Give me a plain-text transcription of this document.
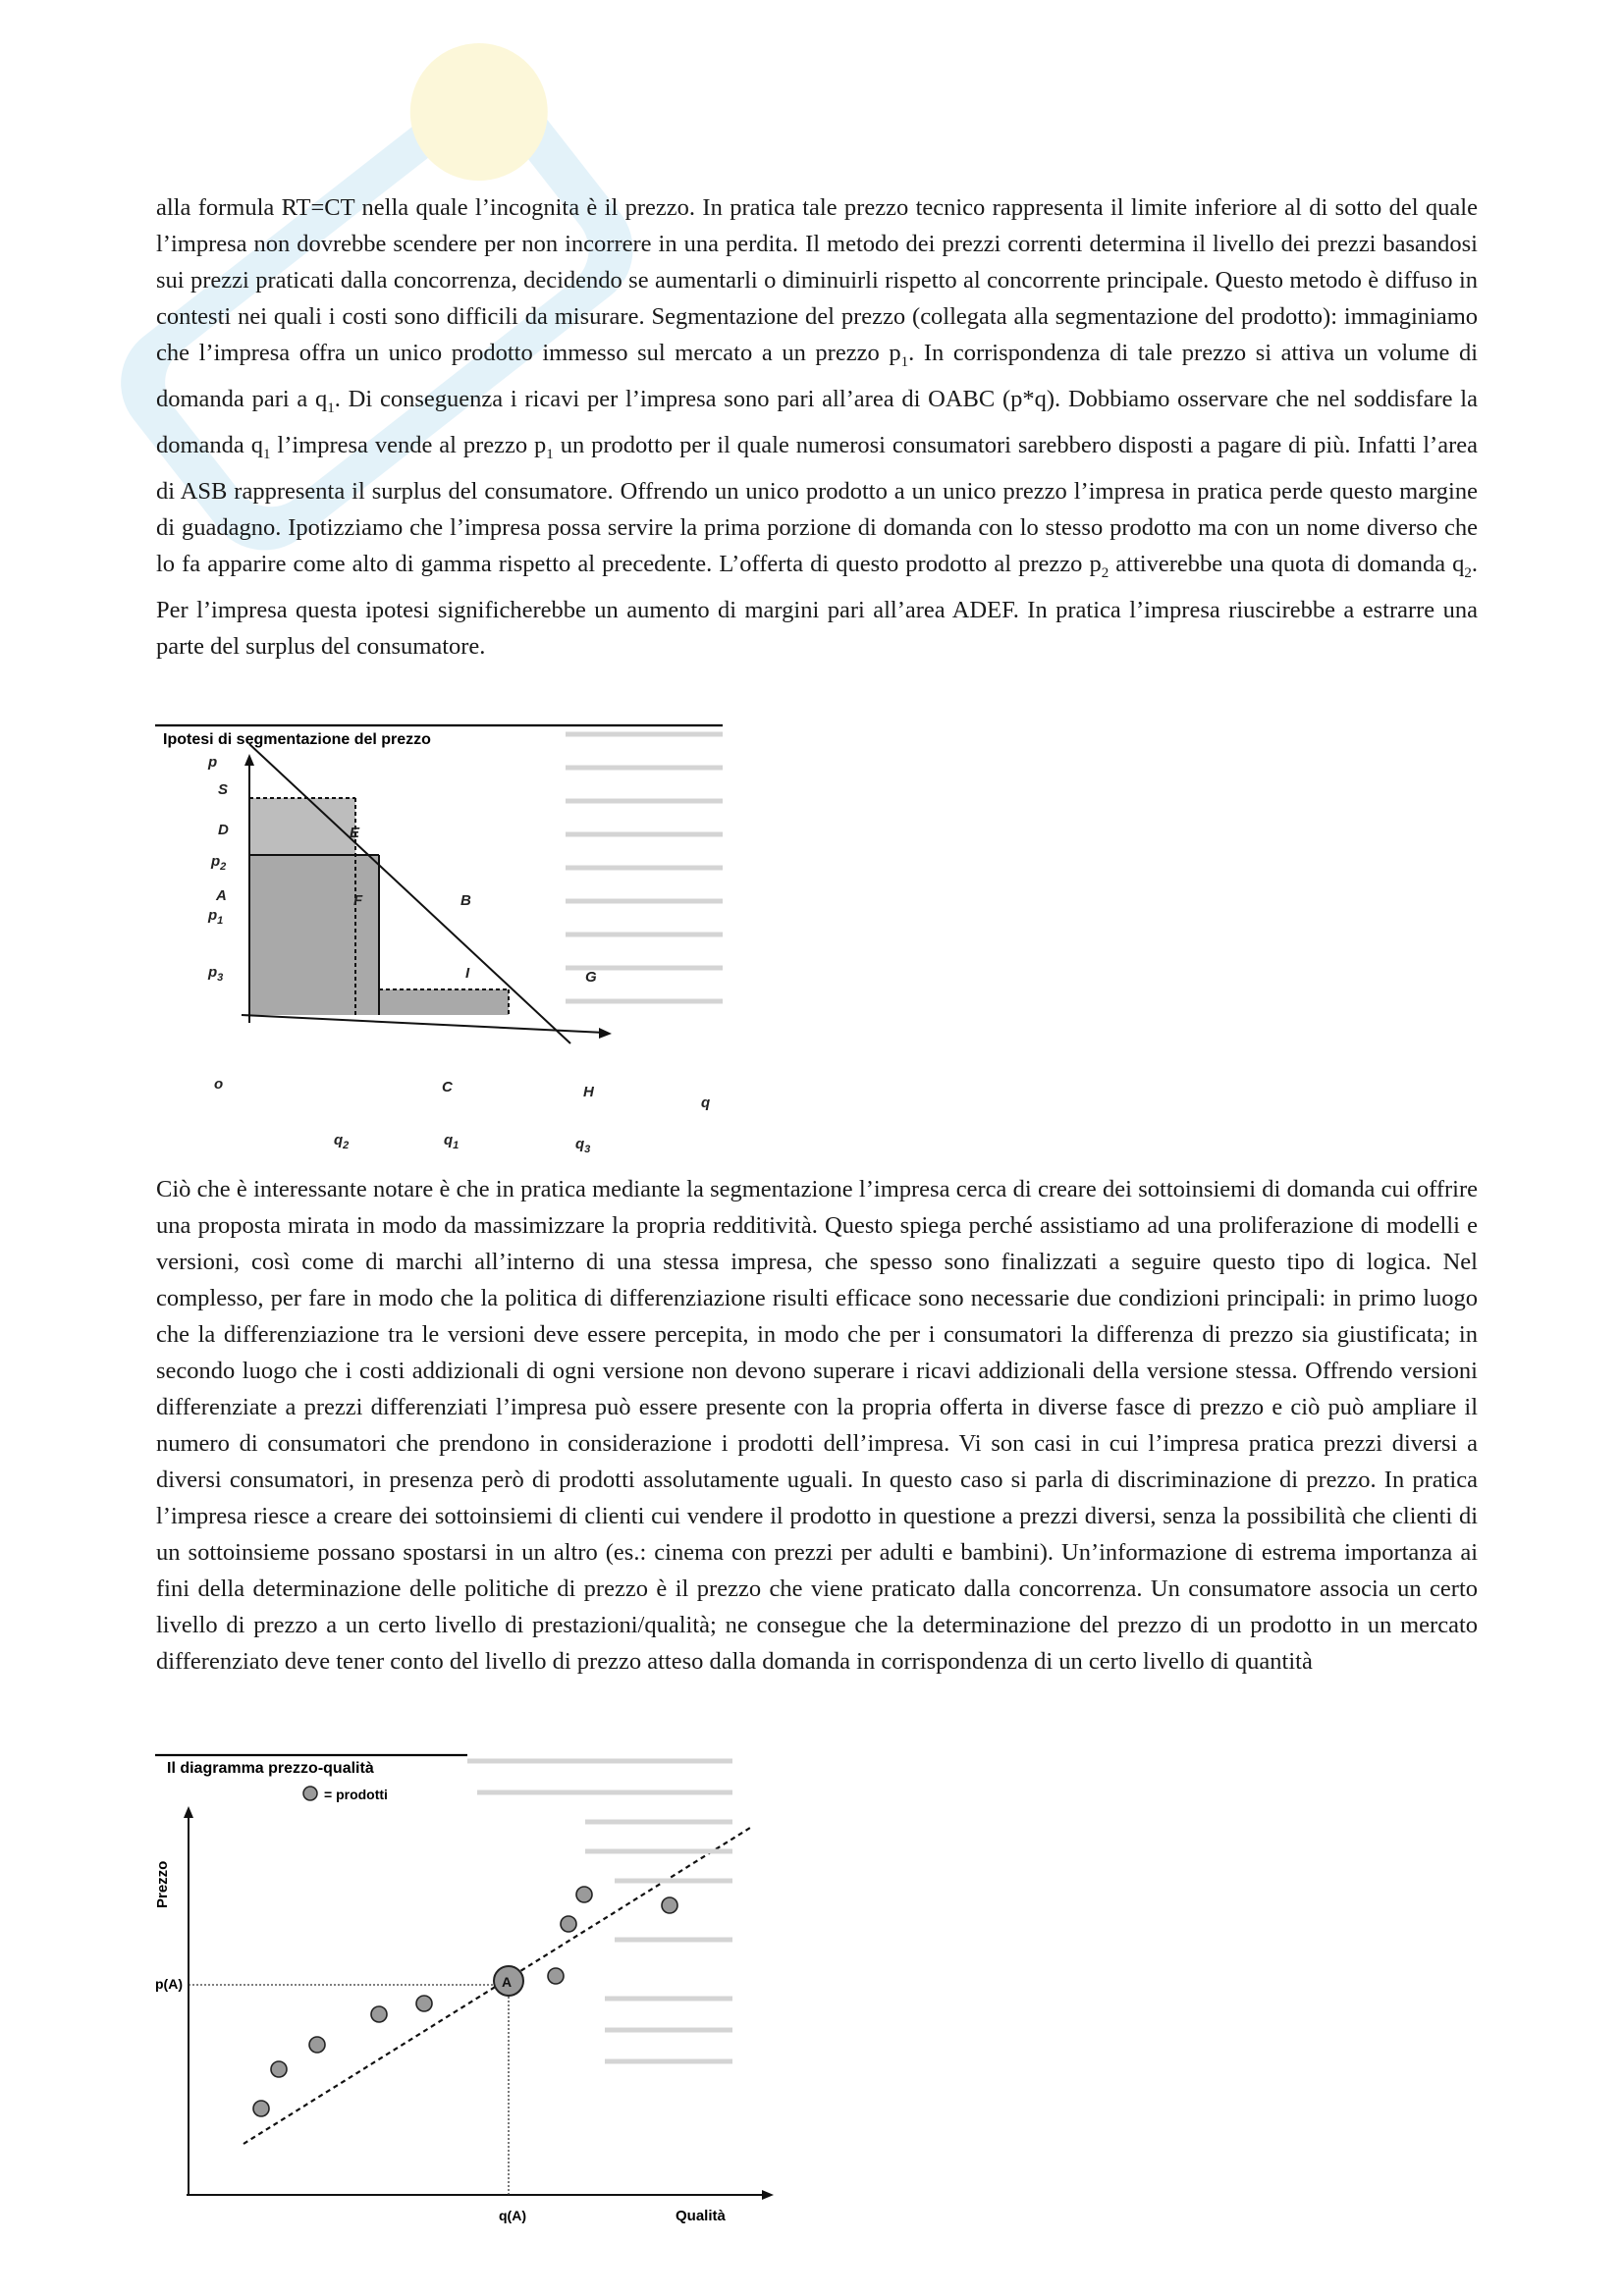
alla formula RT=CT nella quale l’incognita è il prezzo. In pratica tale prezzo tecnico rappresenta il limite inferiore al di sotto del quale l’impresa non dovrebbe scendere per non incorrere in una perdita. Il metodo dei prezzi correnti determina il livello dei prezzi basandosi sui prezzi praticati dalla concorrenza, decidendo se aumentarli o diminuirli rispetto al concorrente principale. Questo metodo è diffuso in contesti nei quali i costi sono difficili da misurare. Segmentazione del prezzo (collegata alla segmentazione del prodotto): immaginiamo che l’impresa offra un unico prodotto immesso sul mercato a un prezzo $p_1$. In corrispondenza di tale prezzo si attiva un volume di domanda pari a $q_1$. Di conseguenza i ricavi per l’impresa sono pari all’area di OABC (p*q). Dobbiamo osservare che nel soddisfare la domanda $q_1$ l’impresa vende al prezzo $p_1$ un prodotto per il quale numerosi consumatori sarebbero disposti a pagare di più. Infatti l’area di ASB rappresenta il surplus del consumatore. Offrendo un unico prodotto a un unico prezzo l’impresa in pratica perde questo margine di guadagno. Ipotizziamo che l’impresa possa servire la prima porzione di domanda con lo stesso prodotto ma con un nome diverso che lo fa apparire come alto di gamma rispetto al precedente. L’offerta di questo prodotto al prezzo $p_2$ attiverebbe una quota di domanda $q_2$. Per l’impresa questa ipotesi significherebbe un aumento di margini pari all’area ADEF. In pratica l’impresa riuscirebbe a estrarre una parte del surplus del consumatore.

Ipotesi di segmentazione del prezzo
p
S
D	E
A	F	B
I	G
$p_2$
$p_1$
$p_3$
o	C	H
q
$q_2$	$q_1$	$q_3$

Ciò che è interessante notare è che in pratica mediante la segmentazione l’impresa cerca di creare dei sottoinsiemi di domanda cui offrire una proposta mirata in modo da massimizzare la propria redditività. Questo spiega perché assistiamo ad una proliferazione di modelli e versioni, così come di marchi all’interno di una stessa impresa, che spesso sono finalizzati a seguire questo tipo di logica. Nel complesso, per fare in modo che la politica di differenziazione risulti efficace sono necessarie due condizioni principali: in primo luogo che la differenziazione tra le versioni deve essere percepita, in modo che per i consumatori la differenza di prezzo sia giustificata; in secondo luogo che i costi addizionali di ogni versione non devono superare i ricavi addizionali della versione stessa. Offrendo versioni differenziate a prezzi differenziati l’impresa può essere presente con la propria offerta in diverse fasce di prezzo e ciò può ampliare il numero di consumatori che prendono in considerazione i prodotti dell’impresa. Vi son casi in cui l’impresa pratica prezzi diversi a diversi consumatori, in presenza però di prodotti assolutamente uguali. In questo caso si parla di discriminazione di prezzo. In pratica l’impresa riesce a creare dei sottoinsiemi di clienti cui vendere il prodotto in questione a prezzi diversi, senza la possibilità che clienti di un sottoinsieme possano spostarsi in un altro (es.: cinema con prezzi per adulti e bambini). Un’informazione di estrema importanza ai fini della determinazione delle politiche di prezzo è il prezzo che viene praticato dalla concorrenza. Un consumatore associa un certo livello di prezzo a un certo livello di prestazioni/qualità; ne consegue che la determinazione del prezzo di un prodotto in un mercato differenziato deve tener conto del livello di prezzo atteso dalla domanda in corrispondenza di un certo livello di quantità

Il diagramma prezzo-qualità
= prodotti
Prezzo
p(A)
q(A)	Qualità
A
